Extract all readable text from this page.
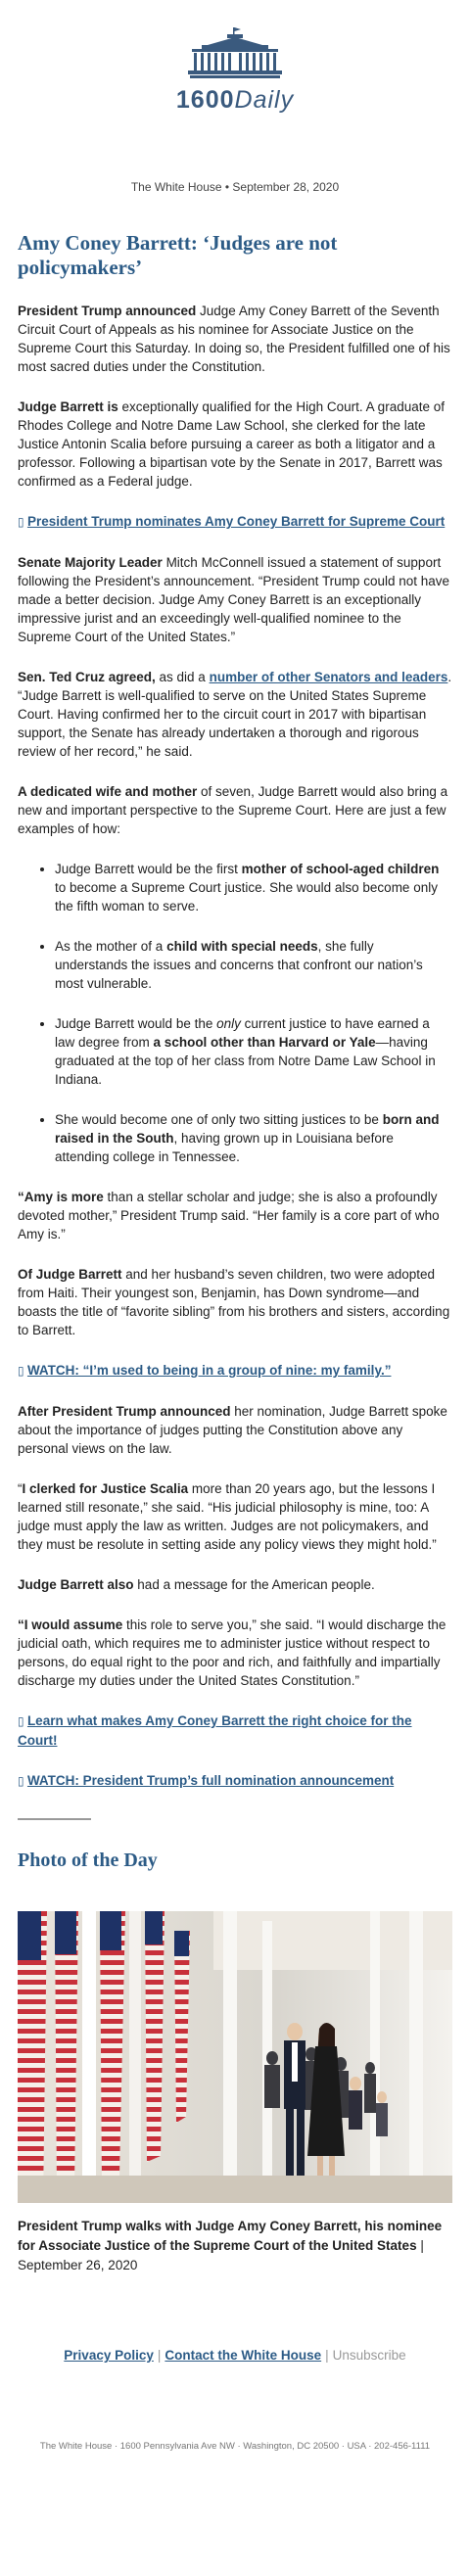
1600Daily
The White House • September 28, 2020
Amy Coney Barrett: ‘Judges are not policymakers’

President Trump announced Judge Amy Coney Barrett of the Seventh Circuit Court of Appeals as his nominee for Associate Justice on the Supreme Court this Saturday. In doing so, the President fulfilled one of his most sacred duties under the Constitution.

Judge Barrett is exceptionally qualified for the High Court. A graduate of Rhodes College and Notre Dame Law School, she clerked for the late Justice Antonin Scalia before pursuing a career as both a litigator and a professor. Following a bipartisan vote by the Senate in 2017, Barrett was confirmed as a Federal judge.

▯ President Trump nominates Amy Coney Barrett for Supreme Court

Senate Majority Leader Mitch McConnell issued a statement of support following the President’s announcement. “President Trump could not have made a better decision. Judge Amy Coney Barrett is an exceptionally impressive jurist and an exceedingly well-qualified nominee to the Supreme Court of the United States.”

Sen. Ted Cruz agreed, as did a number of other Senators and leaders. “Judge Barrett is well-qualified to serve on the United States Supreme Court. Having confirmed her to the circuit court in 2017 with bipartisan support, the Senate has already undertaken a thorough and rigorous review of her record,” he said.

A dedicated wife and mother of seven, Judge Barrett would also bring a new and important perspective to the Supreme Court. Here are just a few examples of how:

• Judge Barrett would be the first mother of school-aged children to become a Supreme Court justice. She would also become only the fifth woman to serve.
• As the mother of a child with special needs, she fully understands the issues and concerns that confront our nation’s most vulnerable.
• Judge Barrett would be the only current justice to have earned a law degree from a school other than Harvard or Yale—having graduated at the top of her class from Notre Dame Law School in Indiana.
• She would become one of only two sitting justices to be born and raised in the South, having grown up in Louisiana before attending college in Tennessee.

“Amy is more than a stellar scholar and judge; she is also a profoundly devoted mother,” President Trump said. “Her family is a core part of who Amy is.”

Of Judge Barrett and her husband’s seven children, two were adopted from Haiti. Their youngest son, Benjamin, has Down syndrome—and boasts the title of “favorite sibling” from his brothers and sisters, according to Barrett.

▯ WATCH: “I’m used to being in a group of nine: my family.”

After President Trump announced her nomination, Judge Barrett spoke about the importance of judges putting the Constitution above any personal views on the law.

“I clerked for Justice Scalia more than 20 years ago, but the lessons I learned still resonate,” she said. “His judicial philosophy is mine, too: A judge must apply the law as written. Judges are not policymakers, and they must be resolute in setting aside any policy views they might hold.”

Judge Barrett also had a message for the American people.

“I would assume this role to serve you,” she said. “I would discharge the judicial oath, which requires me to administer justice without respect to persons, do equal right to the poor and rich, and faithfully and impartially discharge my duties under the United States Constitution.”

▯ Learn what makes Amy Coney Barrett the right choice for the Court!

▯ WATCH: President Trump’s full nomination announcement

Photo of the Day
President Trump walks with Judge Amy Coney Barrett, his nominee for Associate Justice of the Supreme Court of the United States | September 26, 2020
Privacy Policy | Contact the White House | Unsubscribe
The White House · 1600 Pennsylvania Ave NW · Washington, DC 20500 · USA · 202-456-1111
